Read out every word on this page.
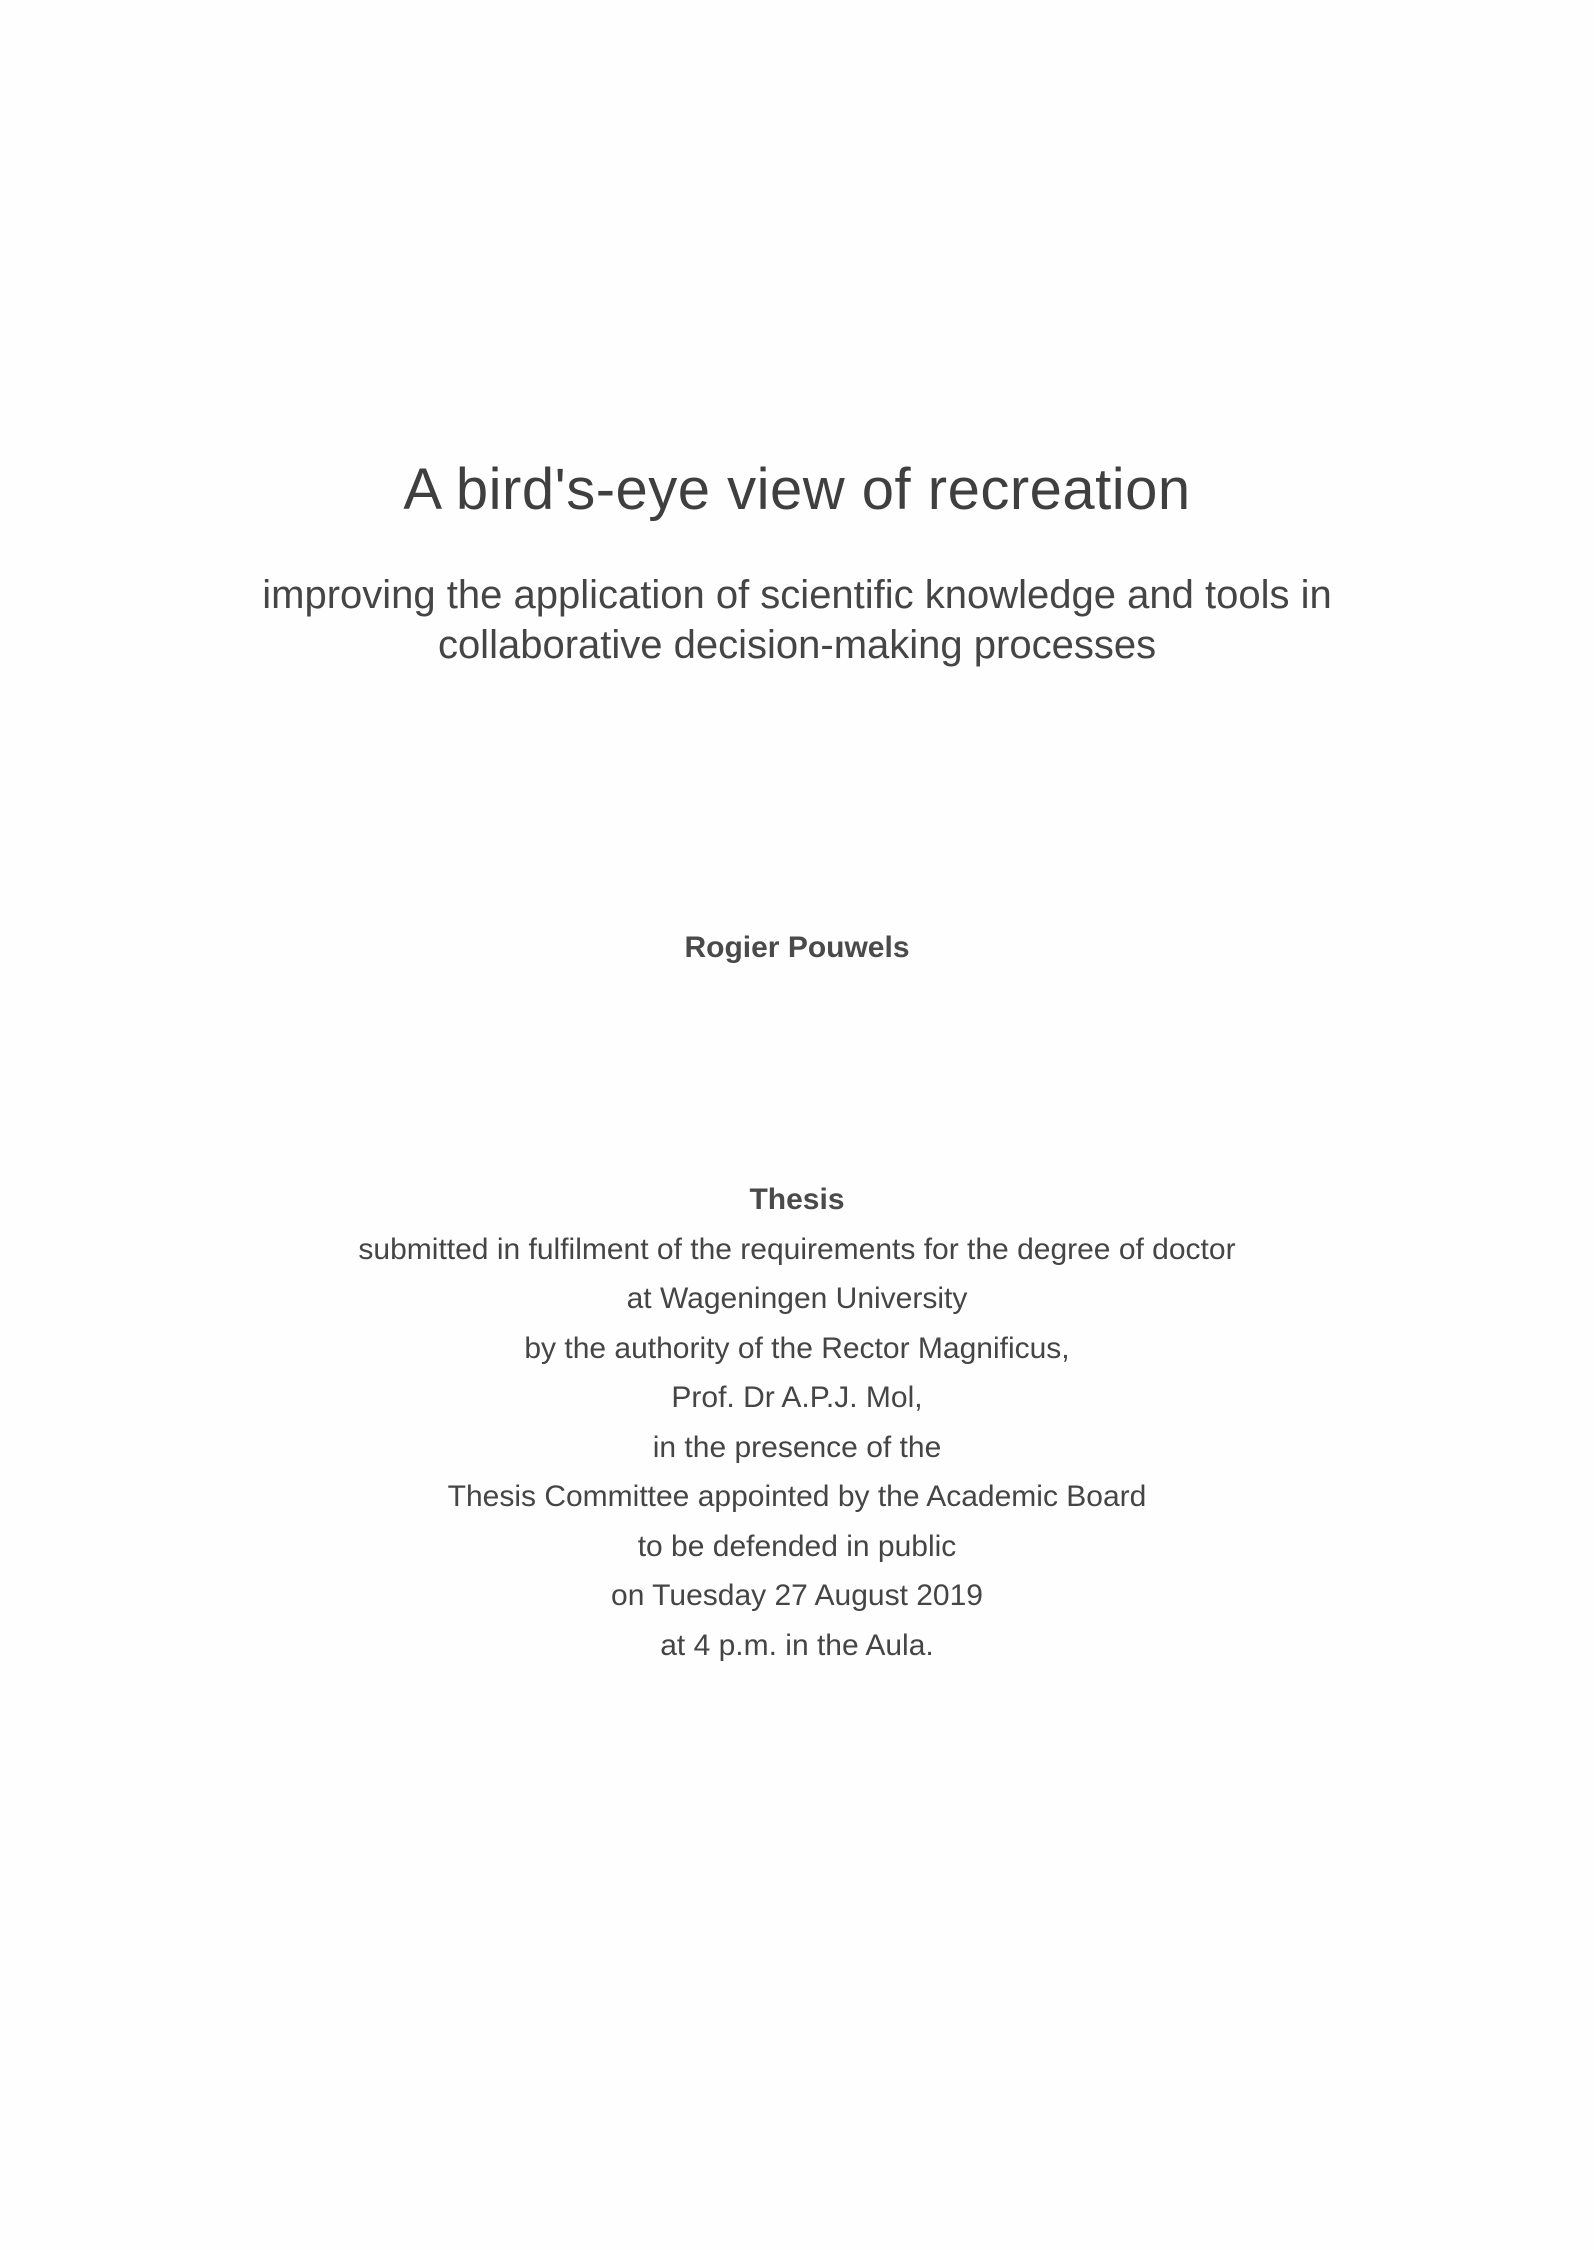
A bird's-eye view of recreation
improving the application of scientific knowledge and tools in
collaborative decision-making processes
Rogier Pouwels
Thesis
submitted in fulfilment of the requirements for the degree of doctor
at Wageningen University
by the authority of the Rector Magnificus,
Prof. Dr A.P.J. Mol,
in the presence of the
Thesis Committee appointed by the Academic Board
to be defended in public
on Tuesday 27 August 2019
at 4 p.m. in the Aula.
